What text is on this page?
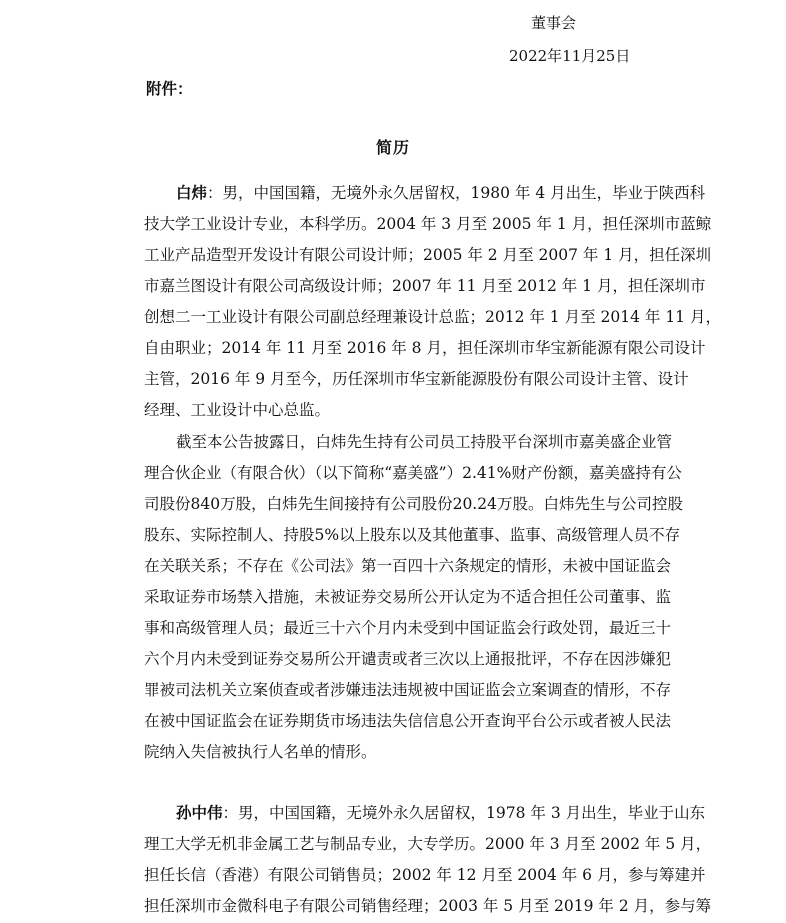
董事会
2022年11月25日
附件：
简历
白炜：男，中国国籍，无境外永久居留权，1980 年 4 月出生，毕业于陕西科
技大学工业设计专业，本科学历。2004 年 3 月至 2005 年 1 月，担任深圳市蓝鲸
工业产品造型开发设计有限公司设计师；2005 年 2 月至 2007 年 1 月，担任深圳
市嘉兰图设计有限公司高级设计师；2007 年 11 月至 2012 年 1 月，担任深圳市
创想二一工业设计有限公司副总经理兼设计总监；2012 年 1 月至 2014 年 11 月，
自由职业；2014 年 11 月至 2016 年 8 月，担任深圳市华宝新能源有限公司设计
主管，2016 年 9 月至今，历任深圳市华宝新能源股份有限公司设计主管、设计
经理、工业设计中心总监。
截至本公告披露日，白炜先生持有公司员工持股平台深圳市嘉美盛企业管
理合伙企业（有限合伙）（以下简称“嘉美盛”）2.41%财产份额，嘉美盛持有公
司股份840万股，白炜先生间接持有公司股份20.24万股。白炜先生与公司控股
股东、实际控制人、持股5%以上股东以及其他董事、监事、高级管理人员不存
在关联关系；不存在《公司法》第一百四十六条规定的情形，未被中国证监会
采取证券市场禁入措施，未被证券交易所公开认定为不适合担任公司董事、监
事和高级管理人员；最近三十六个月内未受到中国证监会行政处罚，最近三十
六个月内未受到证券交易所公开谴责或者三次以上通报批评，不存在因涉嫌犯
罪被司法机关立案侦查或者涉嫌违法违规被中国证监会立案调查的情形，不存
在被中国证监会在证券期货市场违法失信信息公开查询平台公示或者被人民法
院纳入失信被执行人名单的情形。
孙中伟：男，中国国籍，无境外永久居留权，1978 年 3 月出生，毕业于山东
理工大学无机非金属工艺与制品专业，大专学历。2000 年 3 月至 2002 年 5 月，
担任长信（香港）有限公司销售员；2002 年 12 月至 2004 年 6 月，参与筹建并
担任深圳市金微科电子有限公司销售经理；2003 年 5 月至 2019 年 2 月，参与筹
